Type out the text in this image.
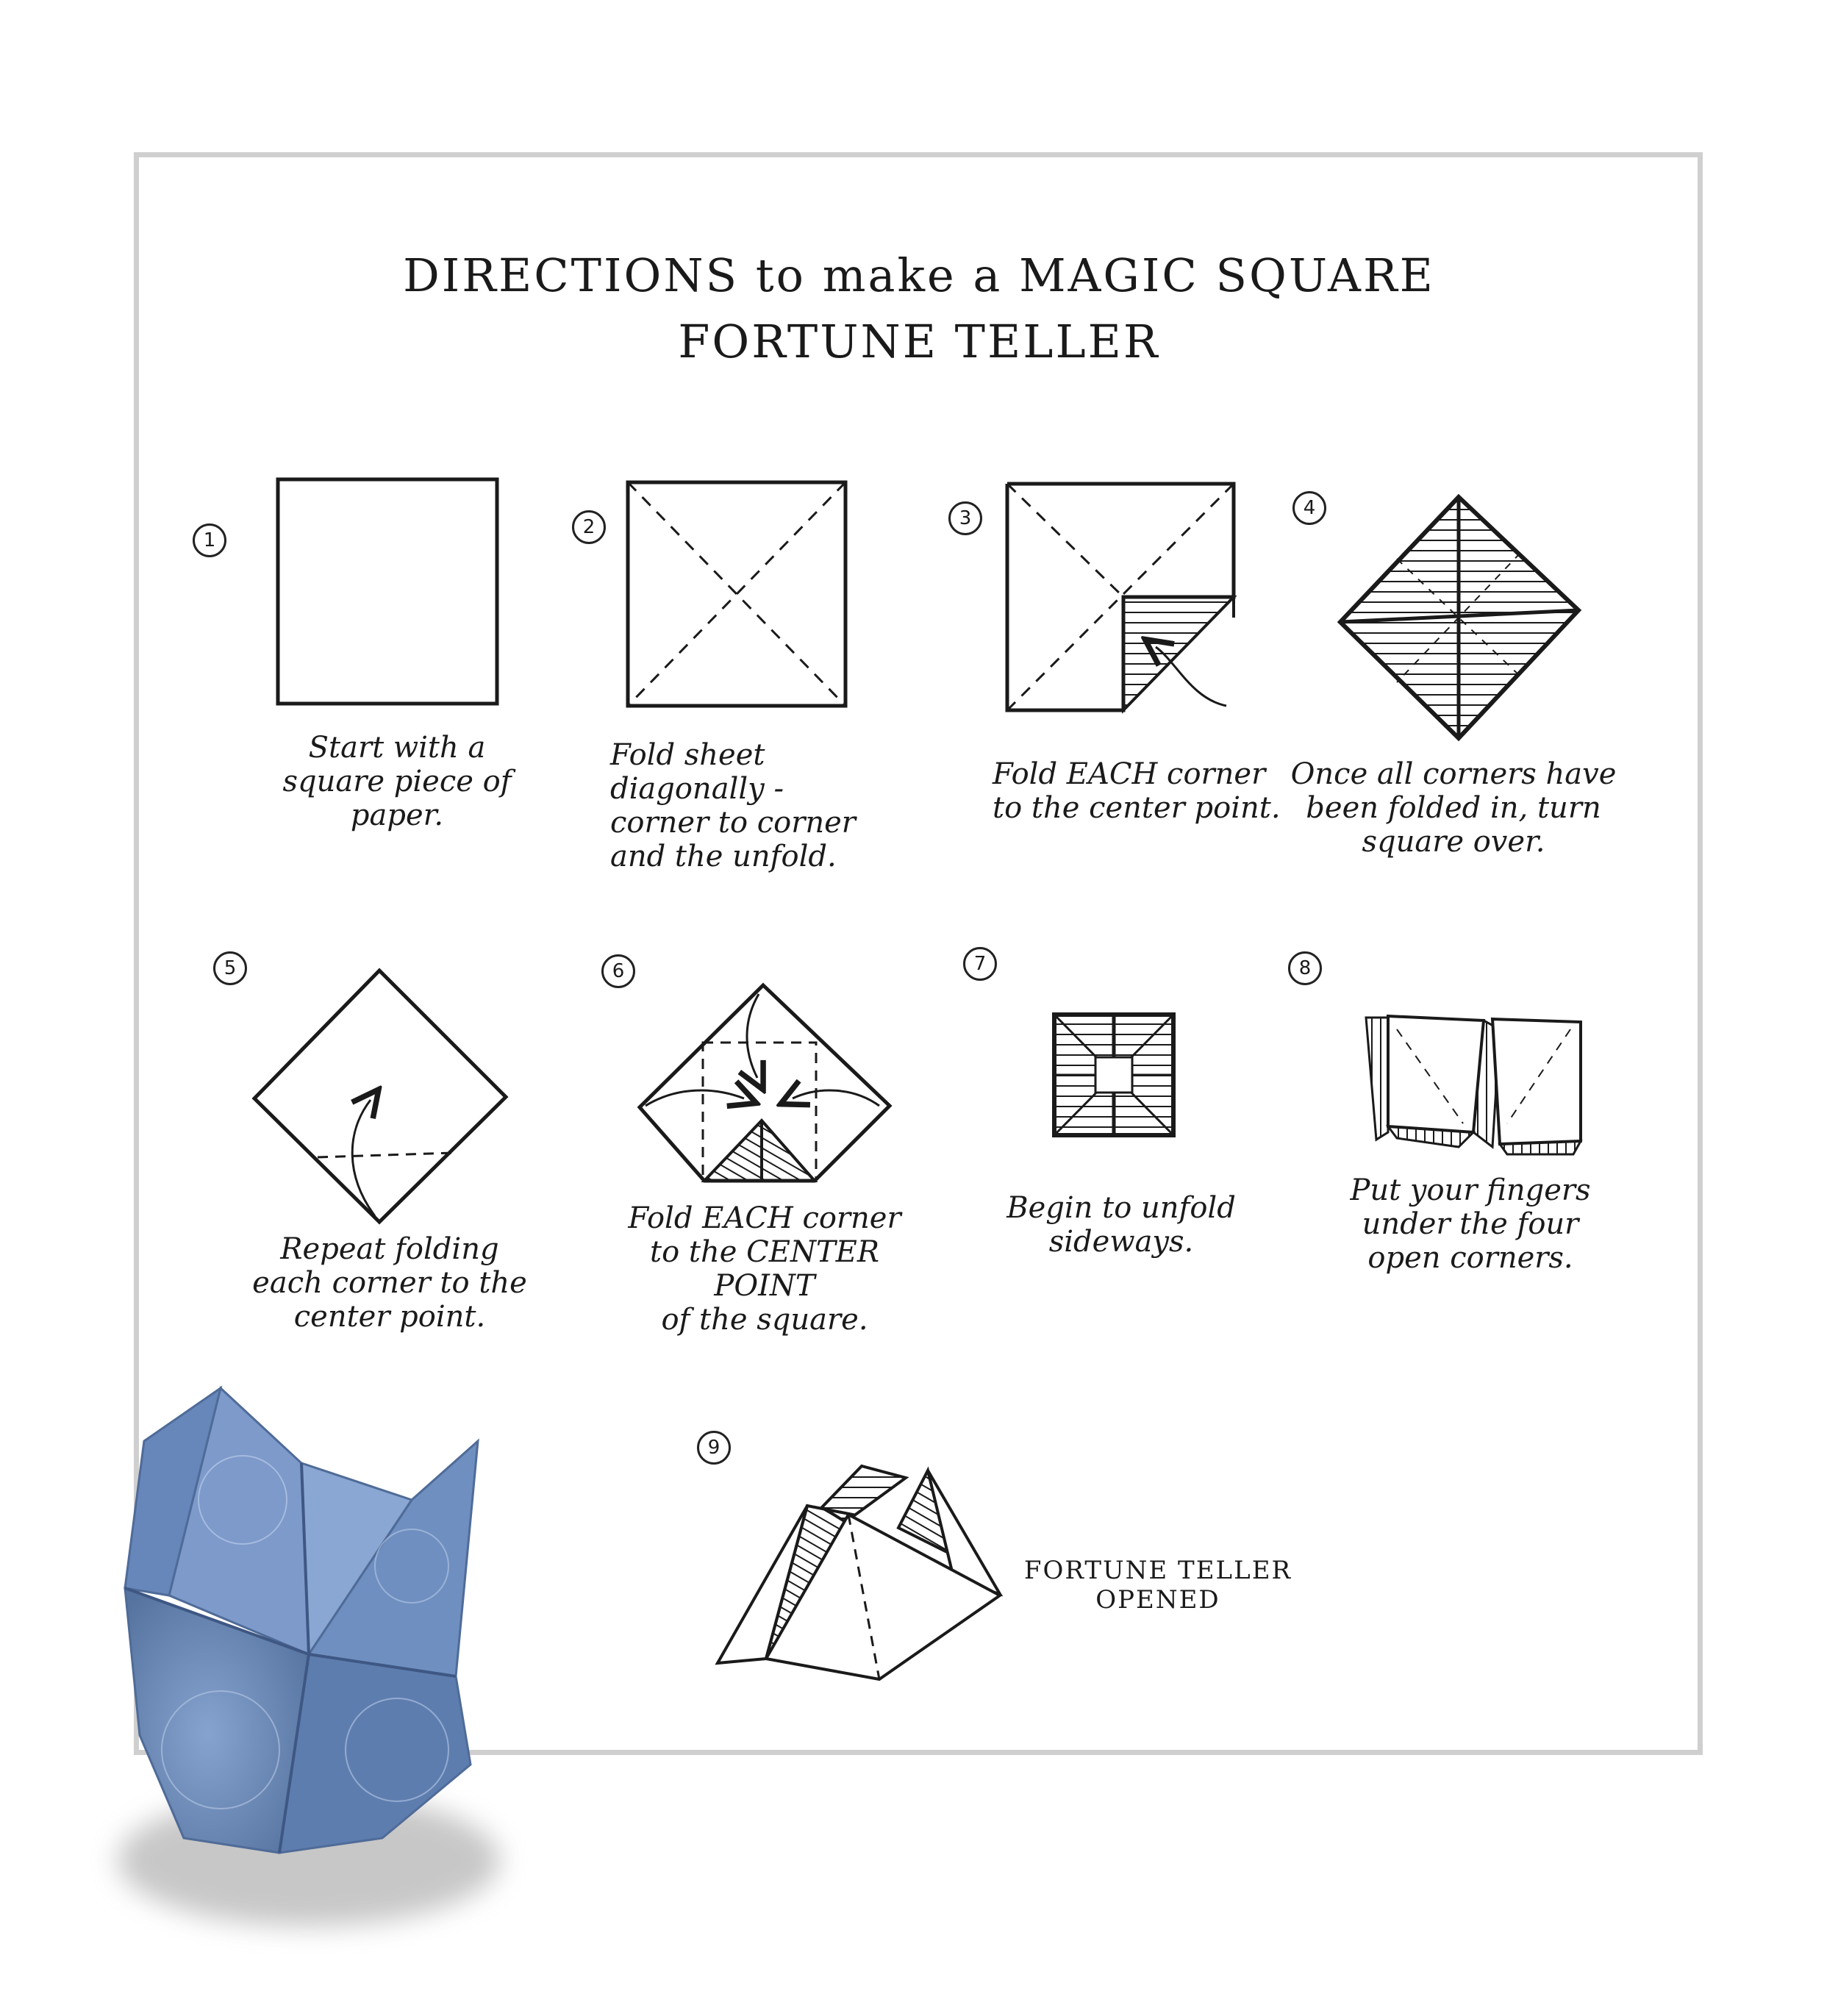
DIRECTIONS to make a MAGIC SQUARE
FORTUNE TELLER
1
2	3	4
5	6	7	8
9
Start with a
square piece of paper.
Fold sheet
diagonally -
corner to corner
and the unfold.
Fold EACH corner
to the center point.
Once all corners have
been folded in, turn
square over.
Repeat folding
each corner to the
center point.
Fold EACH corner
to the CENTER POINT
of the square.
Begin to unfold
sideways.
Put your fingers
under the four
open corners.
FORTUNE TELLER
OPENED
